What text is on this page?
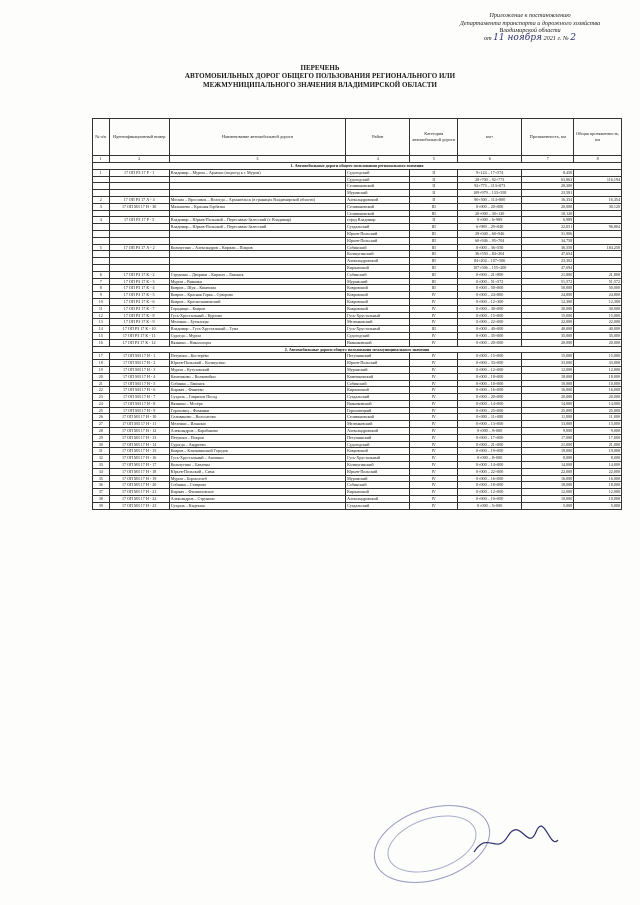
Приложение к постановлению
Департамента транспорта и дорожного хозяйства
Владимирской области
от 11 ноября 2021 г. № 2
ПЕРЕЧЕНЬ
АВТОМОБИЛЬНЫХ ДОРОГ ОБЩЕГО ПОЛЬЗОВАНИЯ РЕГИОНАЛЬНОГО ИЛИ
МЕЖМУНИЦИПАЛЬНОГО ЗНАЧЕНИЯ ВЛАДИМИРСКОЙ ОБЛАСТИ
№ п/п	Идентификационный номер	Наименование автомобильной дороги	Район	Категория автомобильной дороги	км+	Протяженность, км	Общая протяженность, км
1	2	3	4	5	6	7	8
1. Автомобильные дороги общего пользования регионального значения							
1	17 ОП РЗ 17 Р - 1	Владимир – Муром – Арзамас (подъезд к г. Муром)	Судогодский	II	9+124 – 17+574	8,450	
			Судогодский	II	28+700 – 92+773	63,863	116,194
			Селивановский	II	92+773 – 113+073	20,300	
			Муромский	II	109+979 – 133+558	23,581	
2	17 ОП РЗ 17 А - 4	Москва – Ярославль – Вологда – Архангельск (в границах Владимирской области)	Александровский	II	90+500 – 114+800	16,354	16,354
3	17 ОП МЗ 17 Н - 30	Малышево – Красная Горбатка	Селивановский	III	0+000 – 20+000	20,000	30,120
			Селивановский	III	20+000 – 30+120	10,120	
4	17 ОП РЗ 17 Р - 5	Владимир – Юрьев-Польский – Переславль-Залесский (г. Владимир)	город Владимир	II	0+000 – 6+989	6,989	
		Владимир – Юрьев-Польский – Переславль-Залесский	Суздальский	III	6+989 – 29+040	22,051	96,804
			Юрьев-Польский	III	29+040 – 60+946	31,906	
			Юрьев-Польский	III	60+946 – 95+704	34,758	
5	17 ОП РЗ 17 А - 2	Кольчугино – Александров – Киржач – Покров	Собинский	III	0+000 – 36+550	36,550	184,258
			Кольчугинский	III	36+550 – 84+204	47,654	
			Александровский	III	84+204 – 107+506	23,302	
			Киржачский	III	107+506 – 155+200	47,694	
6	17 ОП РЗ 17 К - 2	Струнино – Дворики – Киржач – Лакинск	Собинский	III	0+000 – 21+800	21,800	21,800
7	17 ОП РЗ 17 К - 3	Муром – Вязники	Муромский	III	0+000 – 51+572	51,572	51,572
8	17 ОП РЗ 17 К - 4	Ковров – Шуя – Кинешма	Ковровский	III	0+000 – 50+000	50,000	50,000
9	17 ОП РЗ 17 К - 5	Ковров – Красная Горка – Суворово	Ковровский	IV	0+000 – 24+800	24,800	24,800
10	17 ОП РЗ 17 К - 6	Ковров – Краснознаменский	Ковровский	IV	0+000 – 12+300	12,300	12,300
11	17 ОП РЗ 17 К - 7	Городищи – Ковров	Ковровский	IV	0+000 – 30+000	30,000	30,000
12	17 ОП РЗ 17 К - 8	Гусь-Хрустальный – Курлово	Гусь-Хрустальный	IV	0+000 – 15+000	15,000	15,000
13	17 ОП РЗ 17 К - 9	Меленки – Бутылицы	Меленковский	IV	0+000 – 22+000	22,000	22,000
14	17 ОП РЗ 17 К - 10	Владимир – Гусь-Хрустальный – Тума	Гусь-Хрустальный	III	0+000 – 40+000	40,000	40,000
15	17 ОП РЗ 17 К - 11	Судогда – Муром	Судогодский	IV	0+000 – 35+000	35,000	35,000
16	17 ОП РЗ 17 К - 12	Вязники – Никологоры	Вязниковский	IV	0+000 – 20+000	20,000	20,000
2. Автомобильные дороги общего пользования межмуниципального значения							
17	17 ОП МЗ 17 Н - 1	Петушки – Костерёво	Петушинский	IV	0+000 – 15+000	15,000	15,000
18	17 ОП МЗ 17 Н - 2	Юрьев-Польский – Кольчугино	Юрьев-Польский	IV	0+000 – 33+000	33,000	33,000
19	17 ОП МЗ 17 Н - 3	Муром – Кутузовский	Муромский	IV	0+000 – 12+000	12,000	12,000
20	17 ОП МЗ 17 Н - 4	Камешково – Волковойно	Камешковский	IV	0+000 – 18+000	18,000	18,000
21	17 ОП МЗ 17 Н - 5	Собинка – Лакинск	Собинский	IV	0+000 – 10+000	10,000	10,000
22	17 ОП МЗ 17 Н - 6	Киржач – Финеево	Киржачский	IV	0+000 – 16+000	16,000	16,000
23	17 ОП МЗ 17 Н - 7	Суздаль – Гаврилов Посад	Суздальский	IV	0+000 – 20+000	20,000	20,000
24	17 ОП МЗ 17 Н - 8	Вязники – Мстёра	Вязниковский	IV	0+000 – 14+000	14,000	14,000
25	17 ОП МЗ 17 Н - 9	Гороховец – Фоминки	Гороховецкий	IV	0+000 – 25+000	25,000	25,000
26	17 ОП МЗ 17 Н - 10	Селиваново – Волосатово	Селивановский	IV	0+000 – 11+000	11,000	11,000
27	17 ОП МЗ 17 Н - 11	Меленки – Илькино	Меленковский	IV	0+000 – 13+000	13,000	13,000
28	17 ОП МЗ 17 Н - 12	Александров – Карабаново	Александровский	IV	0+000 – 9+000	9,000	9,000
29	17 ОП МЗ 17 Н - 13	Петушки – Покров	Петушинский	IV	0+000 – 17+000	17,000	17,000
30	17 ОП МЗ 17 Н - 14	Судогда – Андреево	Судогодский	IV	0+000 – 21+000	21,000	21,000
31	17 ОП МЗ 17 Н - 15	Ковров – Клязьминский Городок	Ковровский	IV	0+000 – 19+000	19,000	19,000
32	17 ОП МЗ 17 Н - 16	Гусь-Хрустальный – Анопино	Гусь-Хрустальный	IV	0+000 – 8+000	8,000	8,000
33	17 ОП МЗ 17 Н - 17	Кольчугино – Бавлены	Кольчугинский	IV	0+000 – 14+000	14,000	14,000
34	17 ОП МЗ 17 Н - 18	Юрьев-Польский – Сима	Юрьев-Польский	IV	0+000 – 22+000	22,000	22,000
35	17 ОП МЗ 17 Н - 19	Муром – Борисоглеб	Муромский	IV	0+000 – 16+000	16,000	16,000
36	17 ОП МЗ 17 Н - 20	Собинка – Ставрово	Собинский	IV	0+000 – 18+000	18,000	18,000
37	17 ОП МЗ 17 Н - 21	Киржач – Филипповское	Киржачский	IV	0+000 – 12+000	12,000	12,000
38	17 ОП МЗ 17 Н - 22	Александров – Струнино	Александровский	IV	0+000 – 10+000	10,000	10,000
39	17 ОП МЗ 17 Н - 23	Суздаль – Кидекша	Суздальский	IV	0+000 – 5+000	5,000	5,000
